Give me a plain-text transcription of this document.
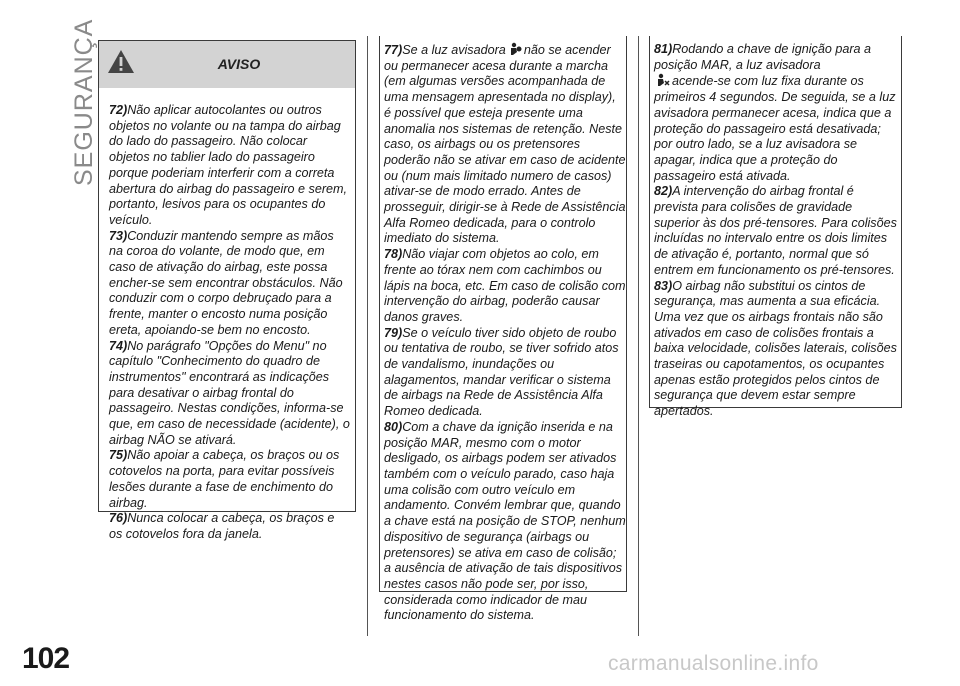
SEGURANÇA	AVISO

72)Não aplicar autocolantes ou outros objetos no volante ou na tampa do airbag do lado do passageiro. Não colocar objetos no tablier lado do passageiro porque poderiam interferir com a correta abertura do airbag do passageiro e serem, portanto, lesivos para os ocupantes do veículo.

73)Conduzir mantendo sempre as mãos na coroa do volante, de modo que, em caso de ativação do airbag, este possa encher-se sem encontrar obstáculos. Não conduzir com o corpo debruçado para a frente, manter o encosto numa posição ereta, apoiando-se bem no encosto.

74)No parágrafo "Opções do Menu" no capítulo "Conhecimento do quadro de instrumentos" encontrará as indicações para desativar o airbag frontal do passageiro. Nestas condições, informa-se que, em caso de necessidade (acidente), o airbag NÃO se ativará.

75)Não apoiar a cabeça, os braços ou os cotovelos na porta, para evitar possíveis lesões durante a fase de enchimento do airbag.

76)Nunca colocar a cabeça, os braços e os cotovelos fora da janela.

77)Se a luz avisadora não se acender ou permanecer acesa durante a marcha (em algumas versões acompanhada de uma mensagem apresentada no display), é possível que esteja presente uma anomalia nos sistemas de retenção. Neste caso, os airbags ou os pretensores poderão não se ativar em caso de acidente ou (num mais limitado numero de casos) ativar-se de modo errado. Antes de prosseguir, dirigir-se à Rede de Assistência Alfa Romeo dedicada, para o controlo imediato do sistema.

78)Não viajar com objetos ao colo, em frente ao tórax nem com cachimbos ou lápis na boca, etc. Em caso de colisão com intervenção do airbag, poderão causar danos graves.

79)Se o veículo tiver sido objeto de roubo ou tentativa de roubo, se tiver sofrido atos de vandalismo, inundações ou alagamentos, mandar verificar o sistema de airbags na Rede de Assistência Alfa Romeo dedicada.

80)Com a chave da ignição inserida e na posição MAR, mesmo com o motor desligado, os airbags podem ser ativados também com o veículo parado, caso haja uma colisão com outro veículo em andamento. Convém lembrar que, quando a chave está na posição de STOP, nenhum dispositivo de segurança (airbags ou pretensores) se ativa em caso de colisão; a ausência de ativação de tais dispositivos nestes casos não pode ser, por isso, considerada como indicador de mau funcionamento do sistema.

81)Rodando a chave de ignição para a posição MAR, a luz avisadora
acende-se com luz fixa durante os primeiros 4 segundos. De seguida, se a luz avisadora permanecer acesa, indica que a proteção do passageiro está desativada; por outro lado, se a luz avisadora se apagar, indica que a proteção do passageiro está ativada.

82)A intervenção do airbag frontal é prevista para colisões de gravidade superior às dos pré-tensores. Para colisões incluídas no intervalo entre os dois limites de ativação é, portanto, normal que só entrem em funcionamento os pré-tensores.

83)O airbag não substitui os cintos de segurança, mas aumenta a sua eficácia. Uma vez que os airbags frontais não são ativados em caso de colisões frontais a baixa velocidade, colisões laterais, colisões traseiras ou capotamentos, os ocupantes apenas estão protegidos pelos cintos de segurança que devem estar sempre apertados.

102	carmanualsonline.info
